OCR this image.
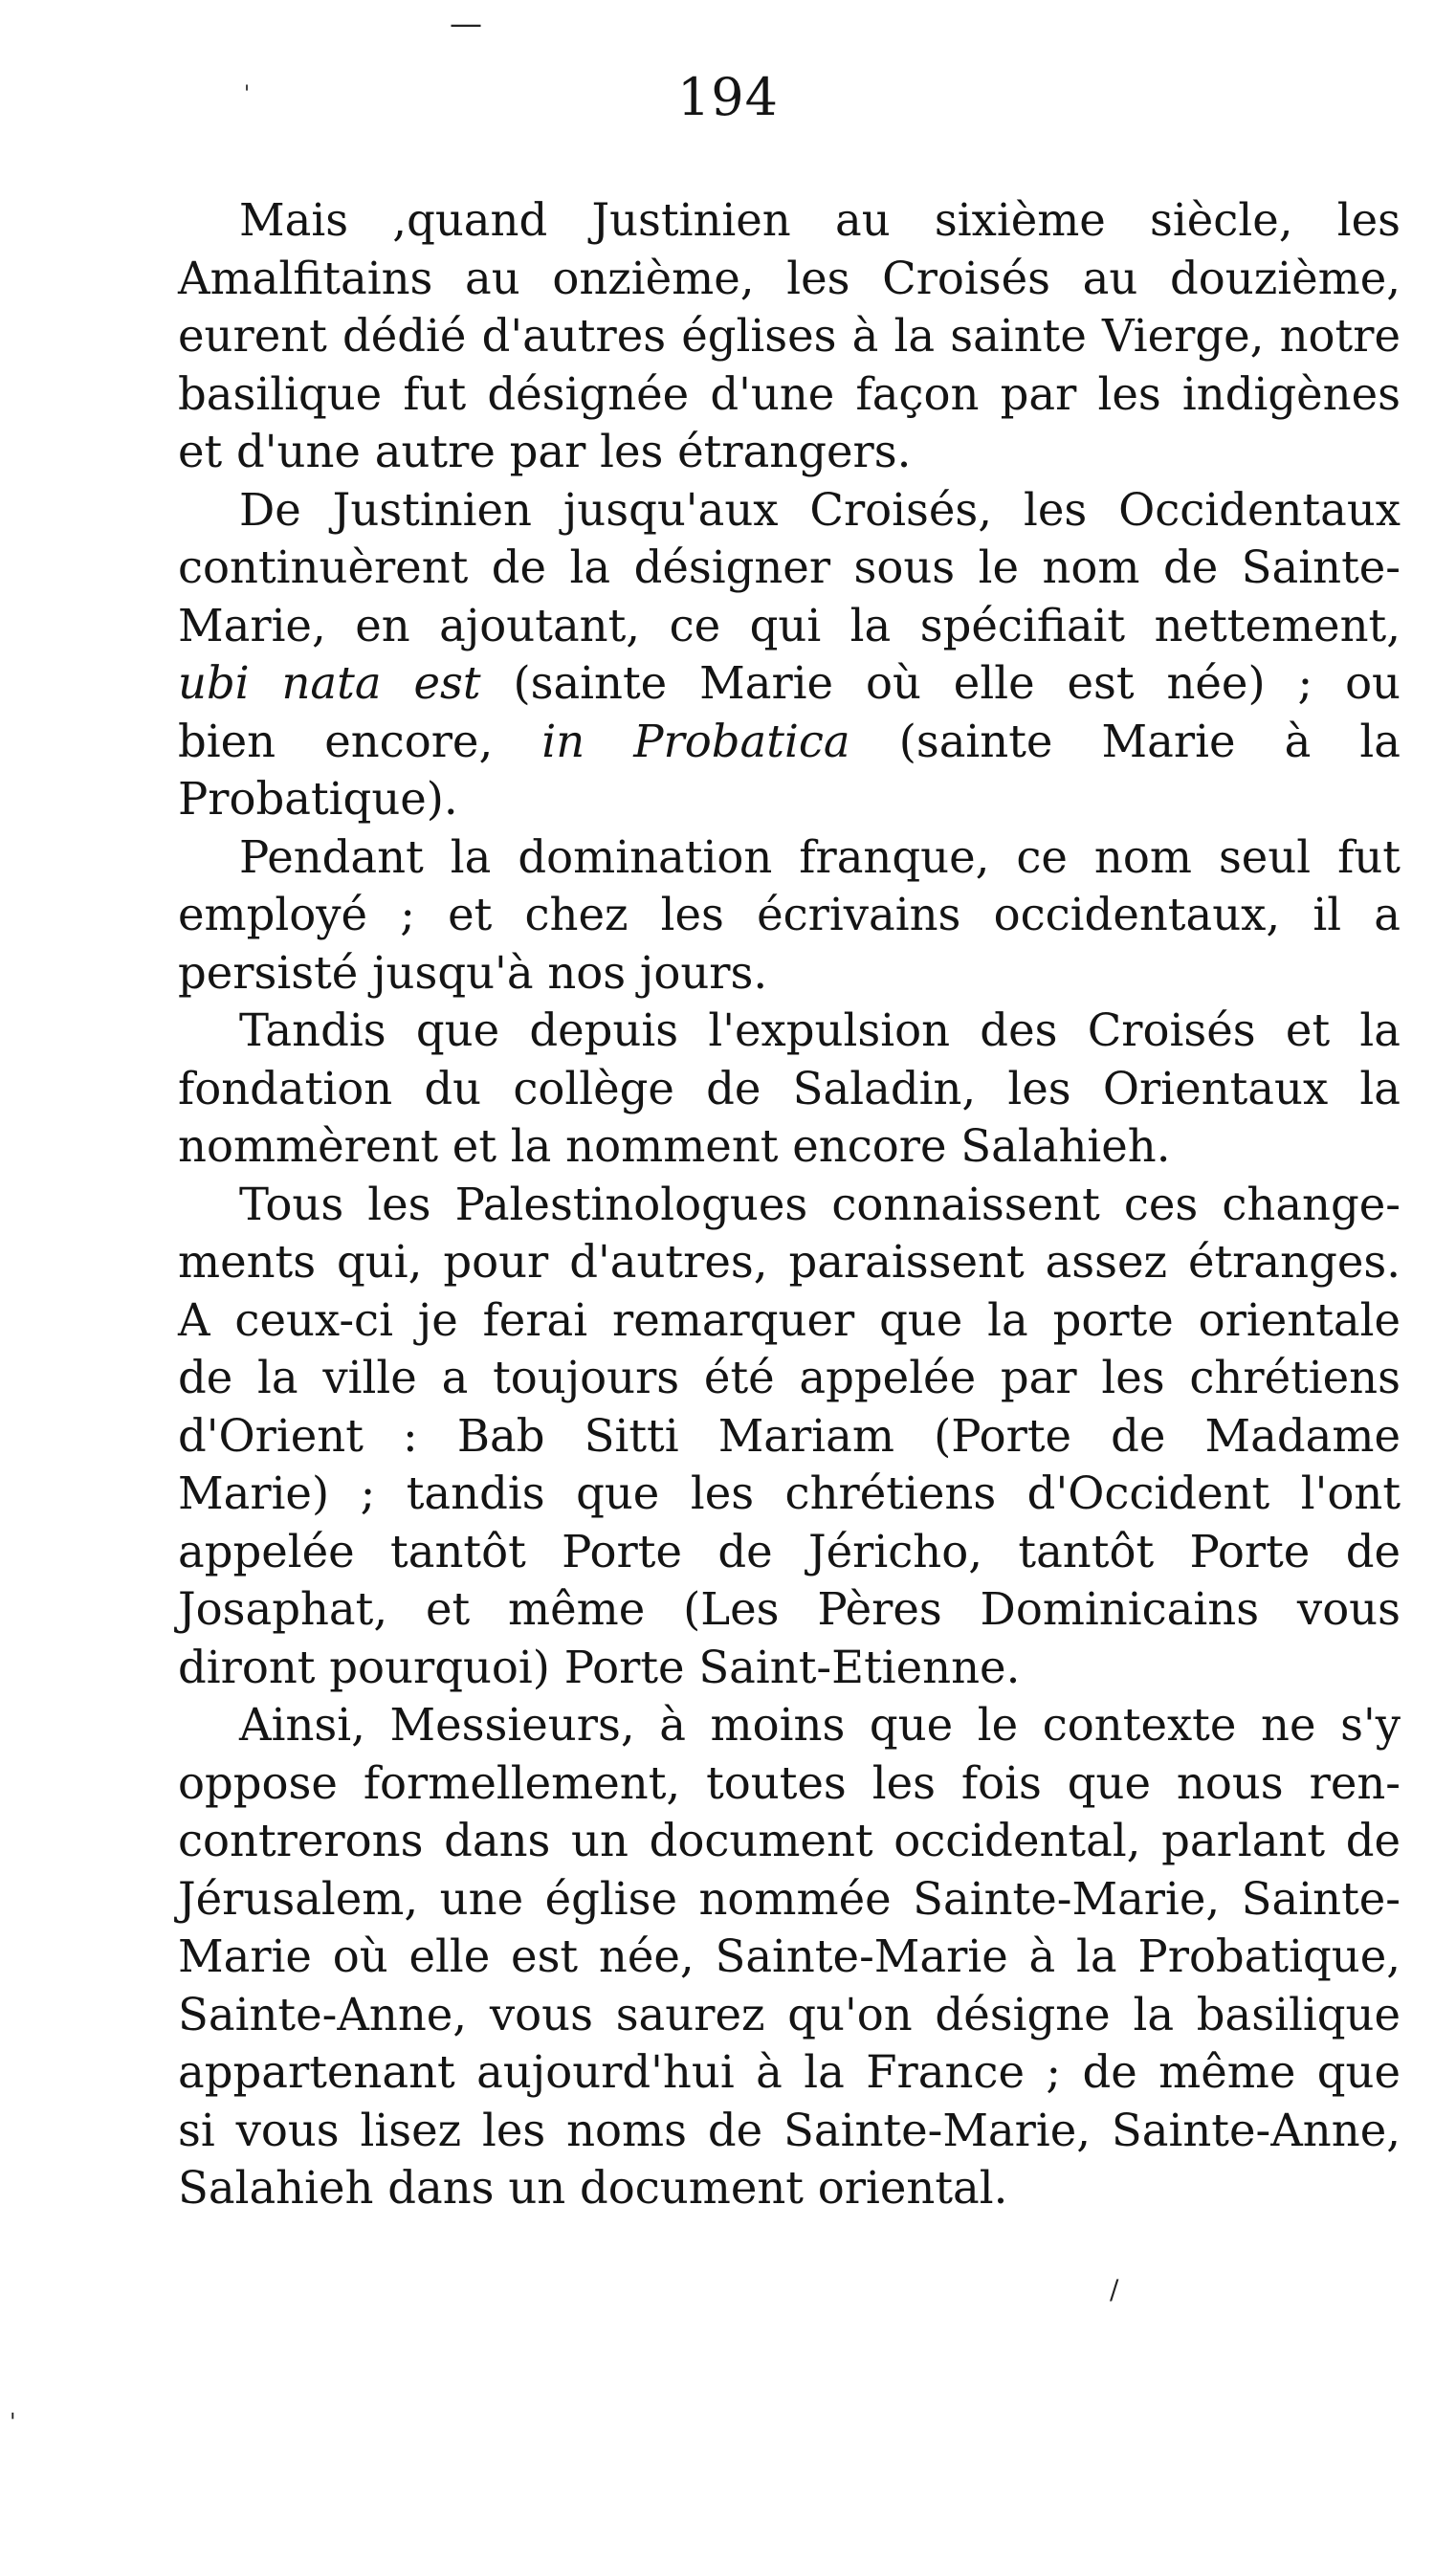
—
'	194
Mais ,quand Justinien au sixième siècle, les
Amalfitains au onzième, les Croisés au douzième,
eurent dédié d'autres églises à la sainte Vierge, notre
basilique fut désignée d'une façon par les indigènes
et d'une autre par les étrangers.
De Justinien jusqu'aux Croisés, les Occidentaux
continuèrent de la désigner sous le nom de Sainte-
Marie, en ajoutant, ce qui la spécifiait nettement,
ubi nata est (sainte Marie où elle est née) ; ou
bien encore, in Probatica (sainte Marie à la
Probatique).
Pendant la domination franque, ce nom seul fut
employé ; et chez les écrivains occidentaux, il a
persisté jusqu'à nos jours.
Tandis que depuis l'expulsion des Croisés et la
fondation du collège de Saladin, les Orientaux la
nommèrent et la nomment encore Salahieh.
Tous les Palestinologues connaissent ces change-
ments qui, pour d'autres, paraissent assez étranges.
A ceux-ci je ferai remarquer que la porte orientale
de la ville a toujours été appelée par les chrétiens
d'Orient : Bab Sitti Mariam (Porte de Madame
Marie) ; tandis que les chrétiens d'Occident l'ont
appelée tantôt Porte de Jéricho, tantôt Porte de
Josaphat, et même (Les Pères Dominicains vous
diront pourquoi) Porte Saint-Etienne.
Ainsi, Messieurs, à moins que le contexte ne s'y
oppose formellement, toutes les fois que nous ren-
contrerons dans un document occidental, parlant de
Jérusalem, une église nommée Sainte-Marie, Sainte-
Marie où elle est née, Sainte-Marie à la Probatique,
Sainte-Anne, vous saurez qu'on désigne la basilique
appartenant aujourd'hui à la France ; de même que
si vous lisez les noms de Sainte-Marie, Sainte-Anne,
Salahieh dans un document oriental.
/
'
